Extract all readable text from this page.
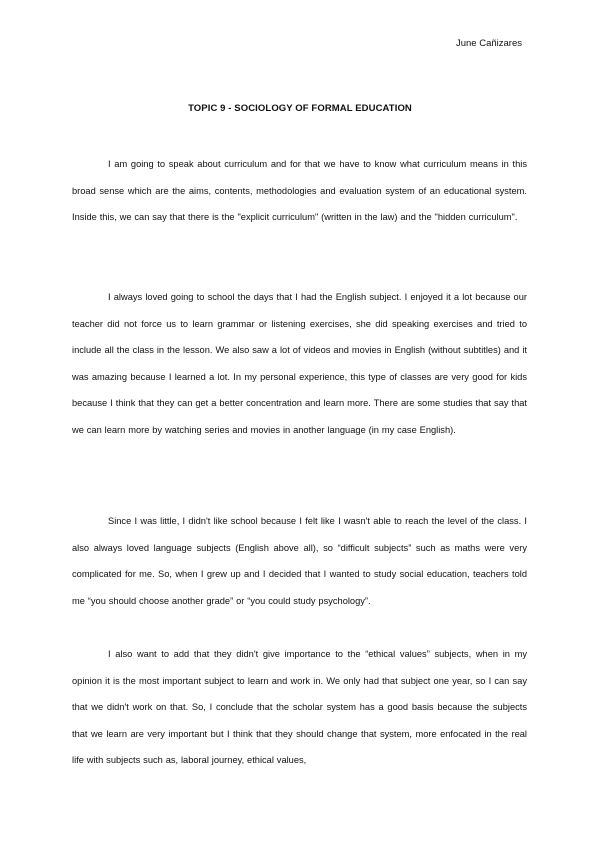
June Cañizares
TOPIC 9 - SOCIOLOGY OF FORMAL EDUCATION

I am going to speak about curriculum and for that we have to know what curriculum means in this broad sense which are the aims, contents, methodologies and evaluation system of an educational system. Inside this, we can say that there is the "explicit curriculum" (written in the law) and the "hidden curriculum".

I always loved going to school the days that I had the English subject. I enjoyed it a lot because our teacher did not force us to learn grammar or listening exercises, she did speaking exercises and tried to include all the class in the lesson. We also saw a lot of videos and movies in English (without subtitles) and it was amazing because I learned a lot. In my personal experience, this type of classes are very good for kids because I think that they can get a better concentration and learn more. There are some studies that say that we can learn more by watching series and movies in another language (in my case English).

Since I was little, I didn't like school because I felt like I wasn't able to reach the level of the class. I also always loved language subjects (English above all), so “difficult subjects” such as maths were very complicated for me. So, when I grew up and I decided that I wanted to study social education, teachers told me “you should choose another grade” or “you could study psychology”.

I also want to add that they didn't give importance to the “ethical values” subjects, when in my opinion it is the most important subject to learn and work in. We only had that subject one year, so I can say that we didn't work on that. So, I conclude that the scholar system has a good basis because the subjects that we learn are very important but I think that they should change that system, more enfocated in the real life with subjects such as, laboral journey, ethical values,
